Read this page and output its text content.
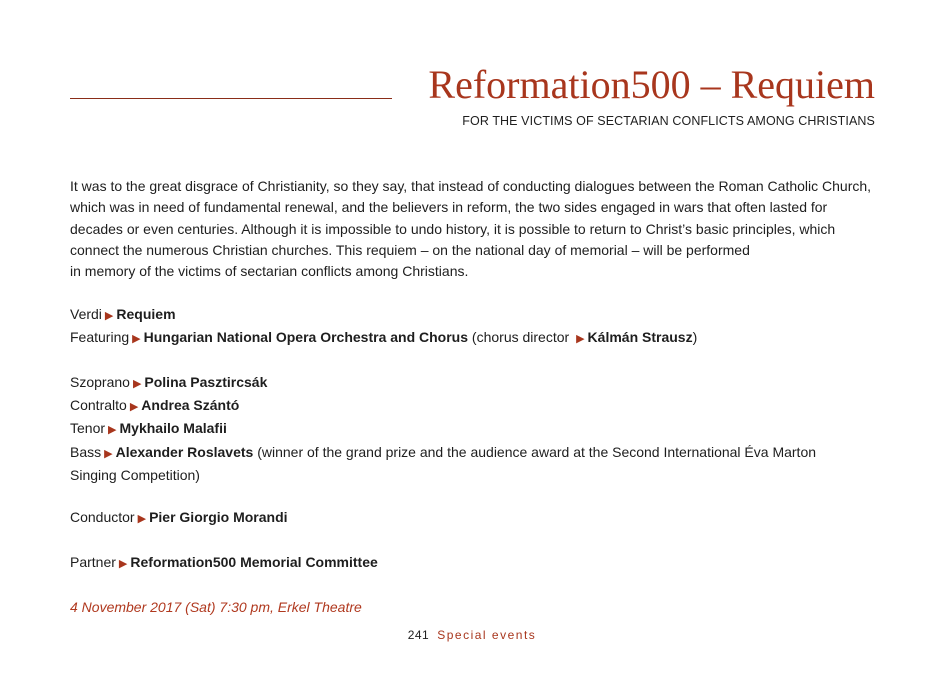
Reformation500 – Requiem
FOR THE VICTIMS OF SECTARIAN CONFLICTS AMONG CHRISTIANS

It was to the great disgrace of Christianity, so they say, that instead of conducting dialogues between the Roman Catholic Church,

which was in need of fundamental renewal, and the believers in reform, the two sides engaged in wars that often lasted for

decades or even centuries. Although it is impossible to undo history, it is possible to return to Christ’s basic principles, which

connect the numerous Christian churches. This requiem – on the national day of memorial – will be performed

in memory of the victims of sectarian conflicts among Christians.

Verdi ▶ Requiem

Featuring ▶ Hungarian National Opera Orchestra and Chorus (chorus director ▶ Kálmán Strausz)

Szoprano ▶ Polina Pasztircsák

Contralto ▶ Andrea Szántó

Tenor ▶ Mykhailo Malafii

Bass ▶ Alexander Roslavets (winner of the grand prize and the audience award at the Second International Éva Marton

Singing Competition)

Conductor ▶ Pier Giorgio Morandi

Partner ▶ Reformation500 Memorial Committee

4 November 2017 (Sat) 7:30 pm, Erkel Theatre

241 Special events
